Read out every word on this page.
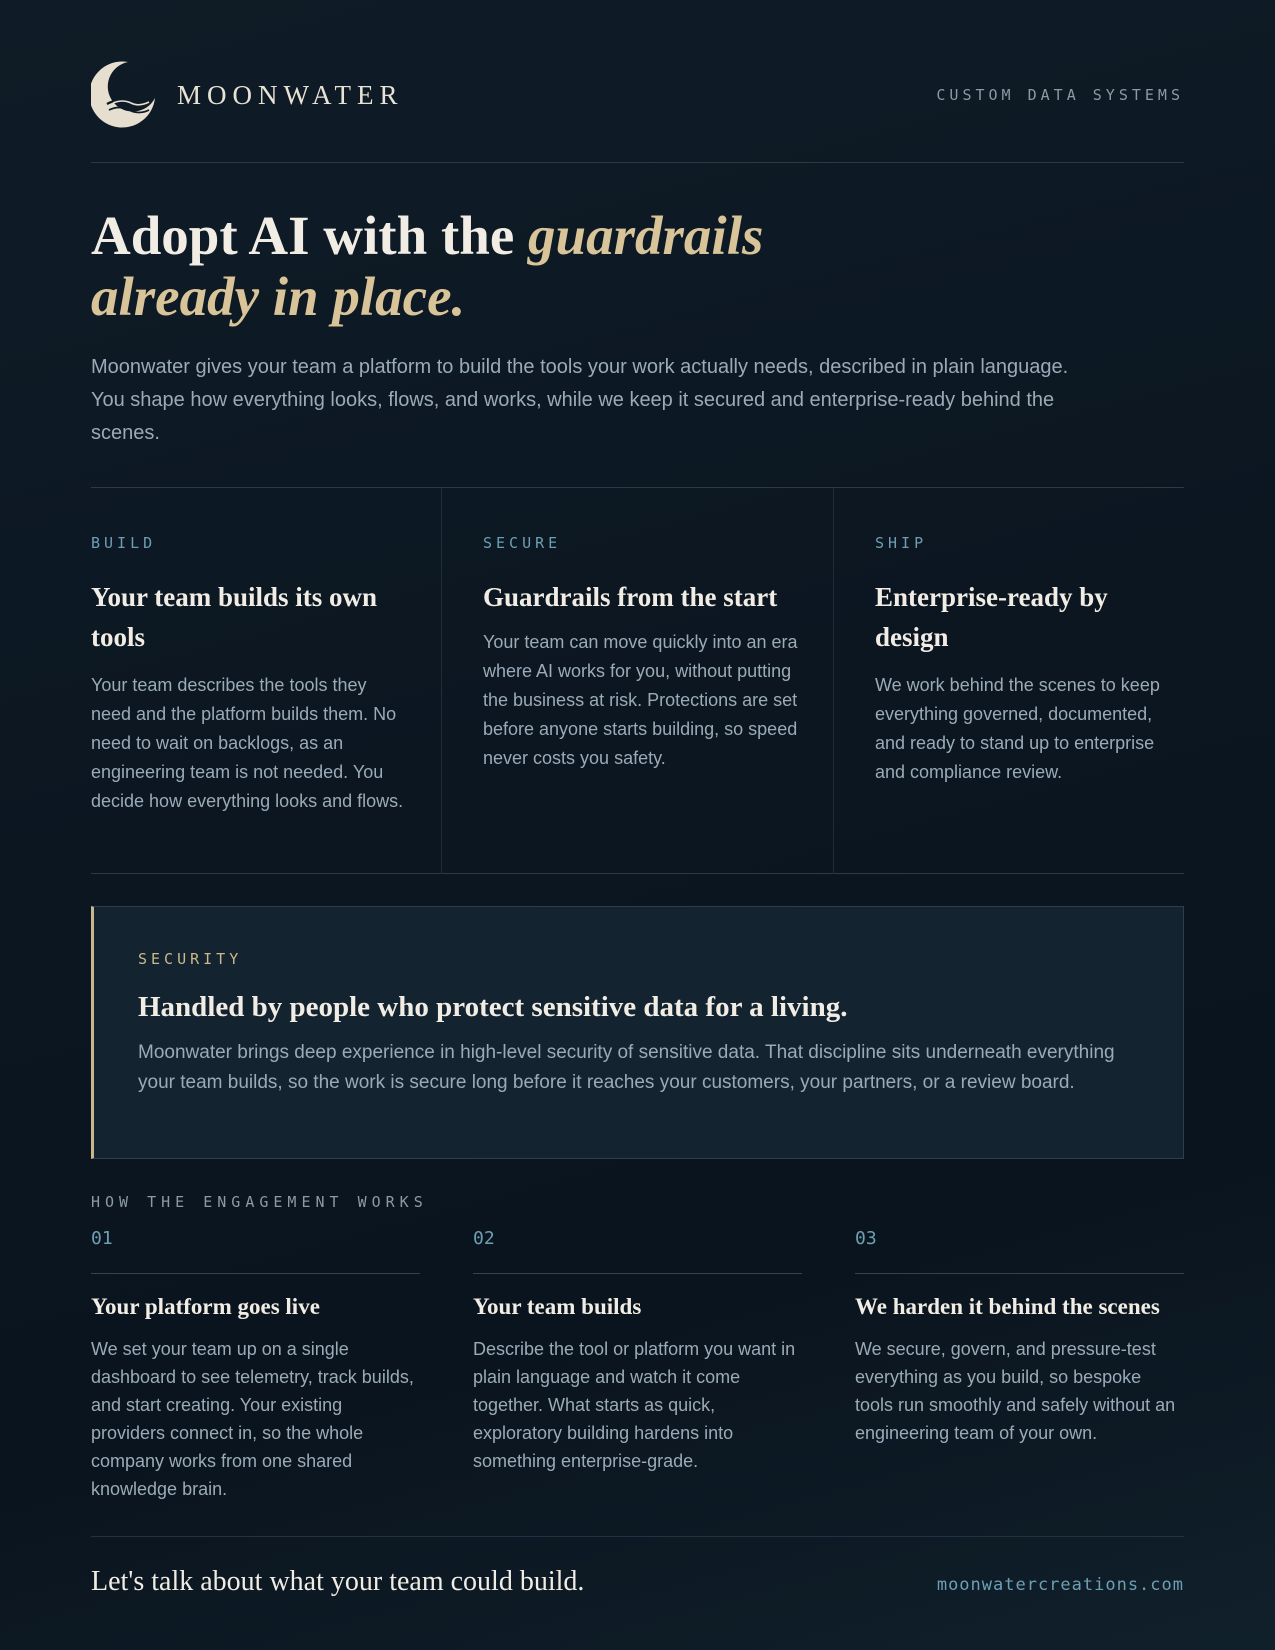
MOONWATER	CUSTOM DATA SYSTEMS
Adopt AI with the guardrails
already in place.

Moonwater gives your team a platform to build the tools your work actually needs, described in plain language. You shape how everything looks, flows, and works, while we keep it secured and enterprise-ready behind the scenes.

BUILD
Your team builds its own tools

Your team describes the tools they need and the platform builds them. No need to wait on backlogs, as an engineering team is not needed. You decide how everything looks and flows.

SECURE
Guardrails from the start

Your team can move quickly into an era where AI works for you, without putting the business at risk. Protections are set before anyone starts building, so speed never costs you safety.

SHIP
Enterprise-ready by design

We work behind the scenes to keep everything governed, documented, and ready to stand up to enterprise and compliance review.

SECURITY
Handled by people who protect sensitive data for a living.

Moonwater brings deep experience in high-level security of sensitive data. That discipline sits underneath everything your team builds, so the work is secure long before it reaches your customers, your partners, or a review board.

HOW THE ENGAGEMENT WORKS
01
Your platform goes live

We set your team up on a single dashboard to see telemetry, track builds, and start creating. Your existing providers connect in, so the whole company works from one shared knowledge brain.

02
Your team builds

Describe the tool or platform you want in plain language and watch it come together. What starts as quick, exploratory building hardens into something enterprise-grade.

03
We harden it behind the scenes

We secure, govern, and pressure-test everything as you build, so bespoke tools run smoothly and safely without an engineering team of your own.

Let's talk about what your team could build.	moonwatercreations.com
